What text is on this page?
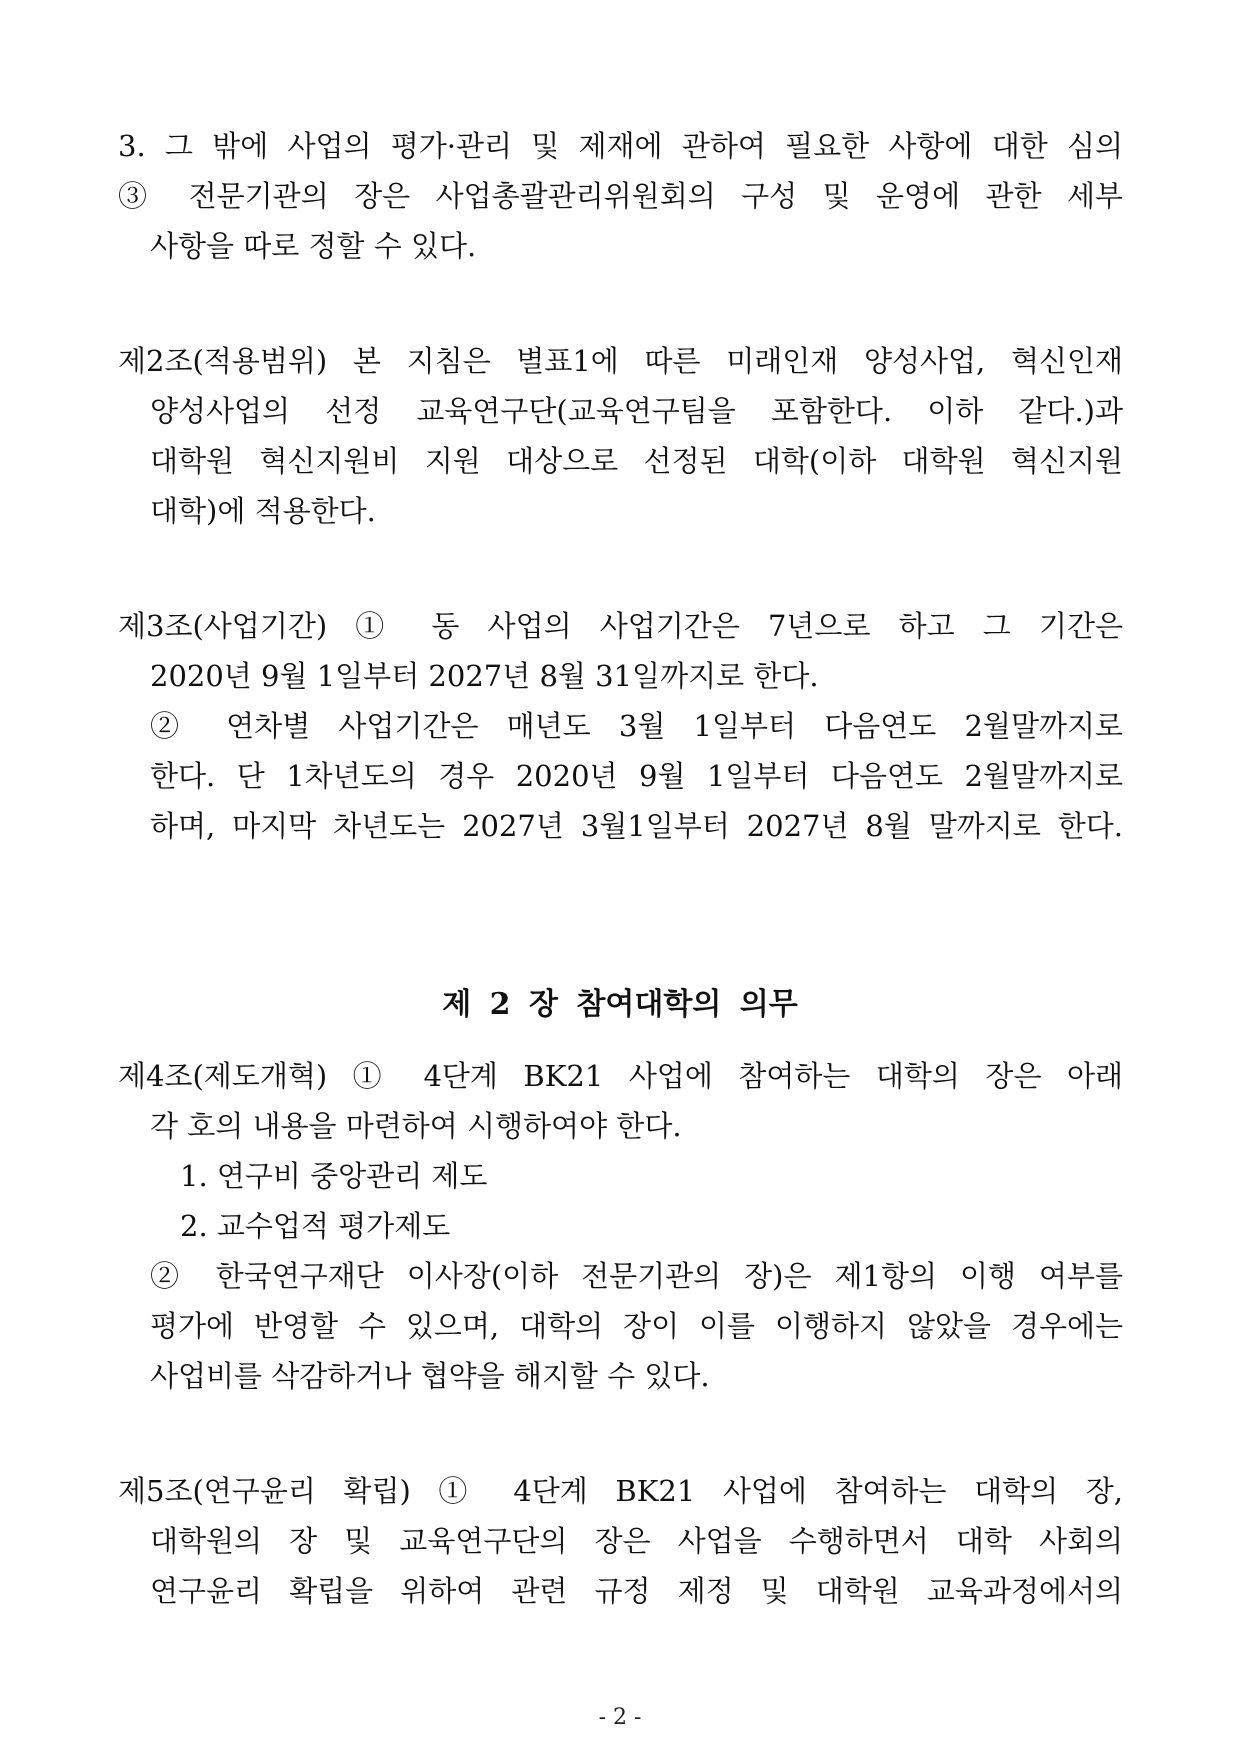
3. 그 밖에 사업의 평가·관리 및 제재에 관하여 필요한 사항에 대한 심의
③ 전문기관의 장은 사업총괄관리위원회의 구성 및 운영에 관한 세부
사항을 따로 정할 수 있다.
제2조(적용범위) 본 지침은 별표1에 따른 미래인재 양성사업, 혁신인재
양성사업의 선정 교육연구단(교육연구팀을 포함한다. 이하 같다.)과
대학원 혁신지원비 지원 대상으로 선정된 대학(이하 대학원 혁신지원
대학)에 적용한다.
제3조(사업기간) ① 동 사업의 사업기간은 7년으로 하고 그 기간은
2020년 9월 1일부터 2027년 8월 31일까지로 한다.
② 연차별 사업기간은 매년도 3월 1일부터 다음연도 2월말까지로
한다. 단 1차년도의 경우 2020년 9월 1일부터 다음연도 2월말까지로
하며, 마지막 차년도는 2027년 3월1일부터 2027년 8월 말까지로 한다.
제 2 장 참여대학의 의무
제4조(제도개혁) ① 4단계 BK21 사업에 참여하는 대학의 장은 아래
각 호의 내용을 마련하여 시행하여야 한다.
1. 연구비 중앙관리 제도
2. 교수업적 평가제도
② 한국연구재단 이사장(이하 전문기관의 장)은 제1항의 이행 여부를
평가에 반영할 수 있으며, 대학의 장이 이를 이행하지 않았을 경우에는
사업비를 삭감하거나 협약을 해지할 수 있다.
제5조(연구윤리 확립) ① 4단계 BK21 사업에 참여하는 대학의 장,
대학원의 장 및 교육연구단의 장은 사업을 수행하면서 대학 사회의
연구윤리 확립을 위하여 관련 규정 제정 및 대학원 교육과정에서의
- 2 -
